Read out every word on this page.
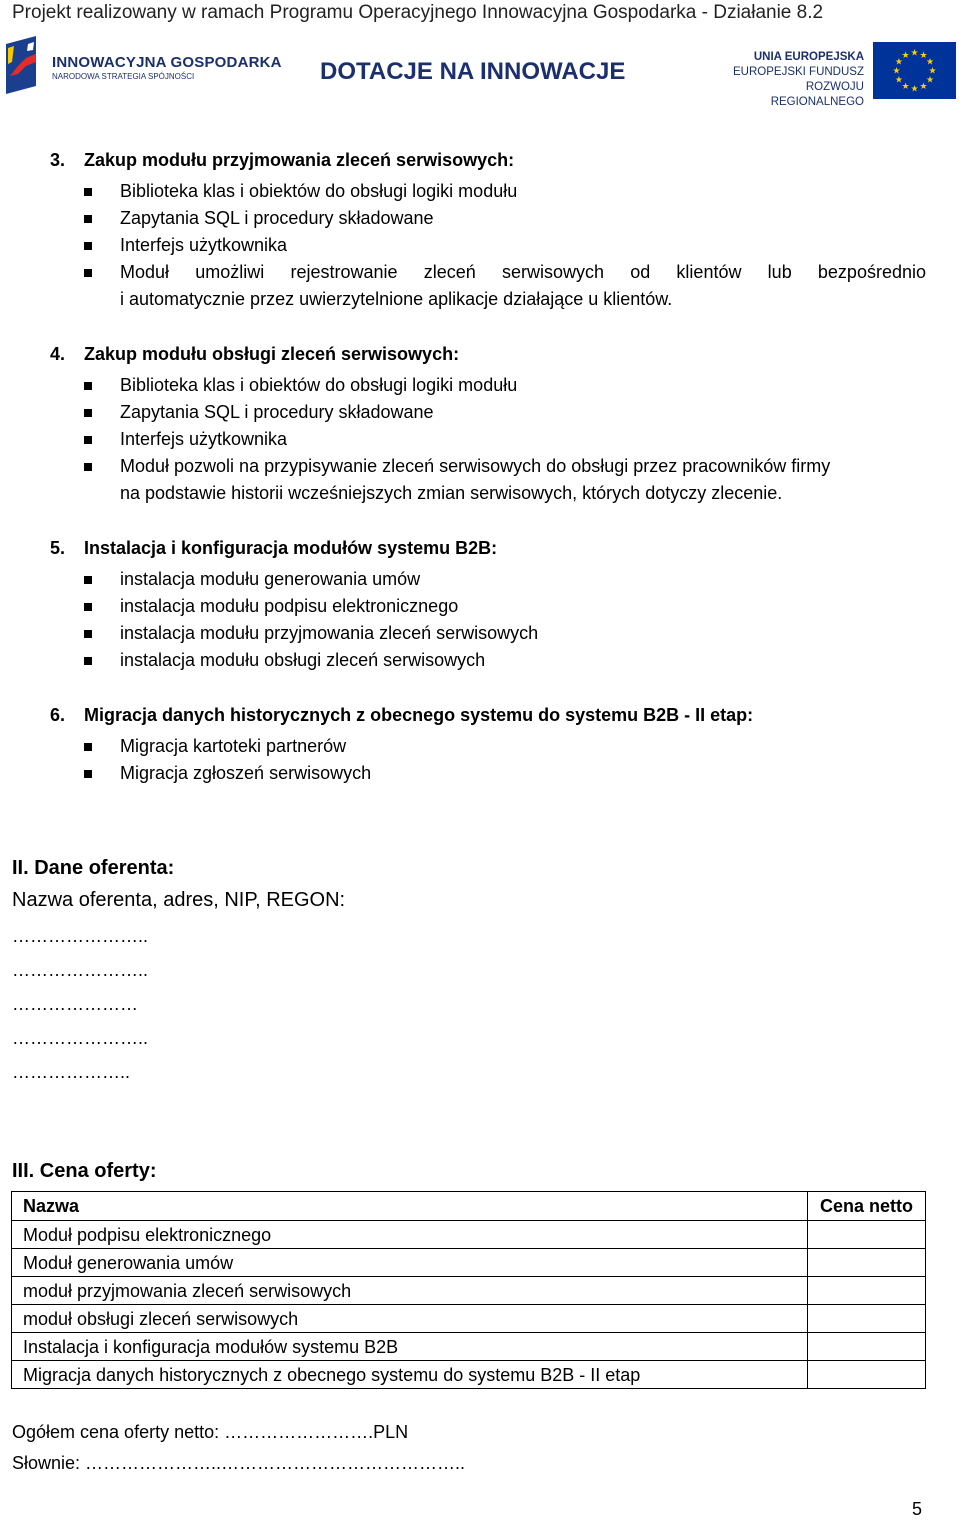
Projekt realizowany w ramach Programu Operacyjnego Innowacyjna Gospodarka - Działanie 8.2
INNOWACYJNA GOSPODARKA
NARODOWA STRATEGIA SPÓJNOŚCI	DOTACJE NA INNOWACJE
UNIA EUROPEJSKA
EUROPEJSKI FUNDUSZ
ROZWOJU REGIONALNEGO
★ ★
★
★
★
★
★
★
★
★
★
★
3. Zakup modułu przyjmowania zleceń serwisowych:
Biblioteka klas i obiektów do obsługi logiki modułu
Zapytania SQL i procedury składowane
Interfejs użytkownika
Moduł umożliwi rejestrowanie zleceń serwisowych od klientów lub bezpośrednio
i automatycznie przez uwierzytelnione aplikacje działające u klientów.
4. Zakup modułu obsługi zleceń serwisowych:
Biblioteka klas i obiektów do obsługi logiki modułu
Zapytania SQL i procedury składowane
Interfejs użytkownika
Moduł pozwoli na przypisywanie zleceń serwisowych do obsługi przez pracowników firmy
na podstawie historii wcześniejszych zmian serwisowych, których dotyczy zlecenie.
5. Instalacja i konfiguracja modułów systemu B2B:
instalacja modułu generowania umów
instalacja modułu podpisu elektronicznego
instalacja modułu przyjmowania zleceń serwisowych
instalacja modułu obsługi zleceń serwisowych
6. Migracja danych historycznych z obecnego systemu do systemu B2B - II etap:
Migracja kartoteki partnerów
Migracja zgłoszeń serwisowych
II. Dane oferenta:
Nazwa oferenta, adres, NIP, REGON:
…………………..
…………………..
…………………
…………………..
………………..
III. Cena oferty:
Nazwa	Cena netto
Moduł podpisu elektronicznego	
Moduł generowania umów	
moduł przyjmowania zleceń serwisowych	
moduł obsługi zleceń serwisowych	
Instalacja i konfiguracja modułów systemu B2B	
Migracja danych historycznych z obecnego systemu do systemu B2B - II etap	
Ogółem cena oferty netto: …………………….PLN
Słownie: …………………..…………………………………..
5
